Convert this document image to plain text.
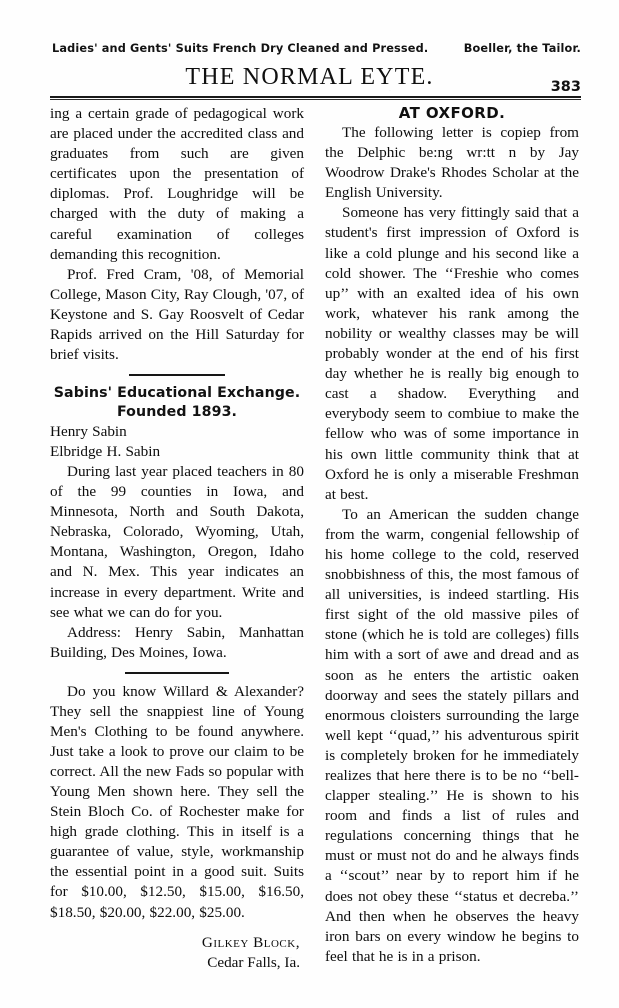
Ladies' and Gents' Suits French Dry Cleaned and Pressed.	Boeller, the Tailor.
THE NORMAL EYTE.	383

ing a certain grade of pedagogical work are placed under the accredited class and graduates from such are given certificates upon the presentation of diplomas. Prof. Loughridge will be charged with the duty of making a careful examination of colleges demanding this recognition.

Prof. Fred Cram, '08, of Memorial College, Mason City, Ray Clough, '07, of Keystone and S. Gay Roosvelt of Cedar Rapids arrived on the Hill Saturday for brief visits.

Sabins' Educational Exchange.
Founded 1893.
Henry Sabin
Elbridge H. Sabin

During last year placed teachers in 80 of the 99 counties in Iowa, and Minnesota, North and South Dakota, Nebraska, Colorado, Wyoming, Utah, Montana, Washington, Oregon, Idaho and N. Mex. This year indicates an increase in every department. Write and see what we can do for you.

Address: Henry Sabin, Manhattan Building, Des Moines, Iowa.

Do you know Willard & Alexander? They sell the snappiest line of Young Men's Clothing to be found anywhere. Just take a look to prove our claim to be correct. All the new Fads so popular with Young Men shown here. They sell the Stein Bloch Co. of Rochester make for high grade clothing. This in itself is a guarantee of value, style, workmanship the essential point in a good suit. Suits for $10.00, $12.50, $15.00, $16.50, $18.50, $20.00, $22.00, $25.00.

Gilkey Block,
Cedar Falls, Ia.
AT OXFORD.

The following letter is copiep from the Delphic be:ng wr:tt n by Jay Woodrow Drake's Rhodes Scholar at the English University.

Someone has very fittingly said that a student's first impression of Oxford is like a cold plunge and his second like a cold shower. The ‘‘Freshie who comes up’’ with an exalted idea of his own work, whatever his rank among the nobility or wealthy classes may be will probably wonder at the end of his first day whether he is really big enough to cast a shadow. Everything and everybody seem to combiue to make the fellow who was of some importance in his own little community think that at Oxford he is only a miserable Freshmɑn at best.

To an American the sudden change from the warm, congenial fellowship of his home college to the cold, reserved snobbishness of this, the most famous of all universities, is indeed startling. His first sight of the old massive piles of stone (which he is told are colleges) fills him with a sort of awe and dread and as soon as he enters the artistic oaken doorway and sees the stately pillars and enormous cloisters surrounding the large well kept ‘‘quad,’’ his adventurous spirit is completely broken for he immediately realizes that here there is to be no ‘‘bell-clapper stealing.’’ He is shown to his room and finds a list of rules and regulations concerning things that he must or must not do and he always finds a ‘‘scout’’ near by to report him if he does not obey these ‘‘status et decreba.’’ And then when he observes the heavy iron bars on every window he begins to feel that he is in a prison.
